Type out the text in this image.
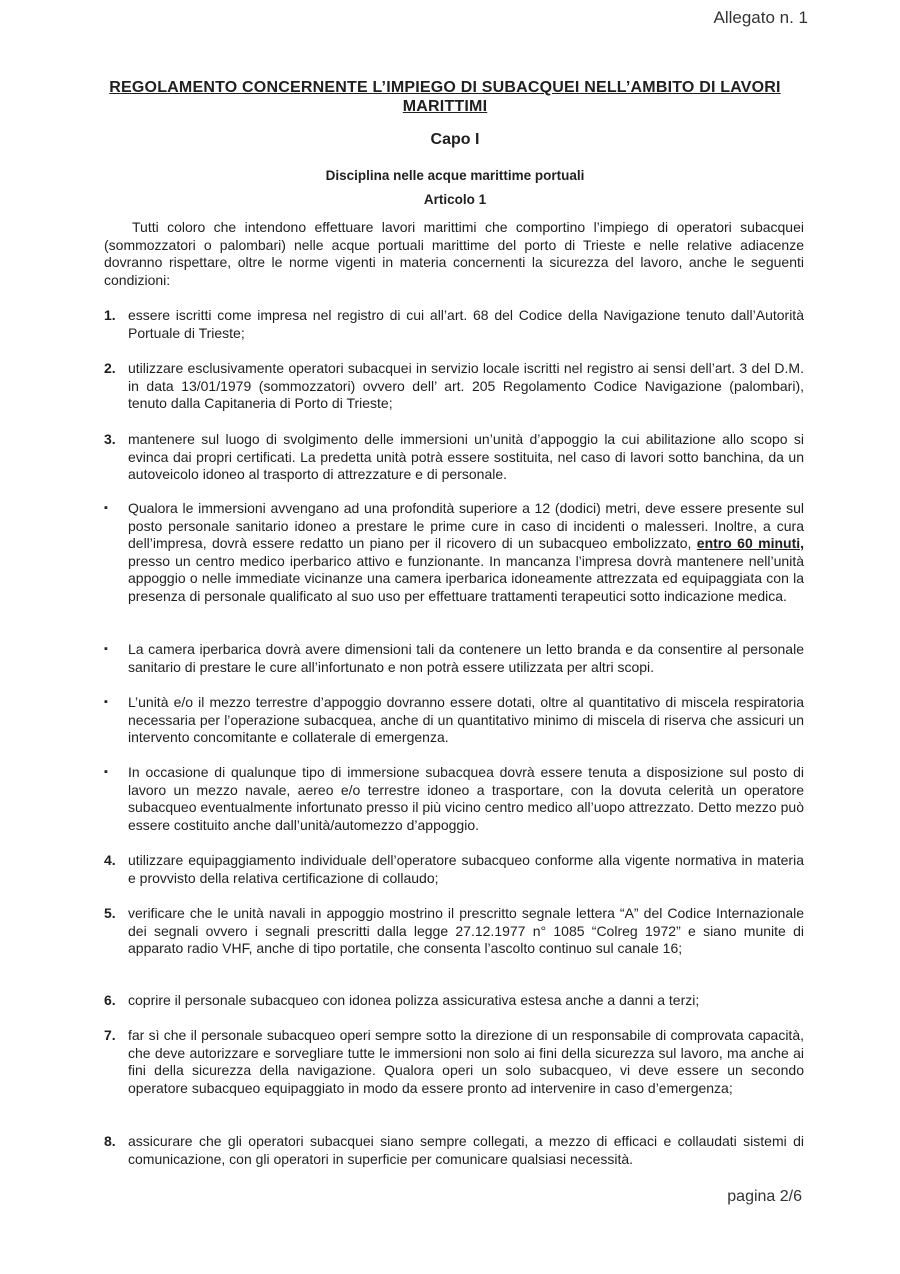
Allegato n. 1
REGOLAMENTO CONCERNENTE L’IMPIEGO DI SUBACQUEI NELL’AMBITO DI LAVORI MARITTIMI
Capo I
Disciplina nelle acque marittime portuali
Articolo 1

Tutti coloro che intendono effettuare lavori marittimi che comportino l’impiego di operatori subacquei (sommozzatori o palombari) nelle acque portuali marittime del porto di Trieste e nelle relative adiacenze dovranno rispettare, oltre le norme vigenti in materia concernenti la sicurezza del lavoro, anche le seguenti condizioni:

1. essere iscritti come impresa nel registro di cui all’art. 68 del Codice della Navigazione tenuto dall’Autorità Portuale di Trieste;
2. utilizzare esclusivamente operatori subacquei in servizio locale iscritti nel registro ai sensi dell’art. 3 del D.M. in data 13/01/1979 (sommozzatori) ovvero dell’ art. 205 Regolamento Codice Navigazione (palombari), tenuto dalla Capitaneria di Porto di Trieste;
3. mantenere sul luogo di svolgimento delle immersioni un’unità d’appoggio la cui abilitazione allo scopo si evinca dai propri certificati. La predetta unità potrà essere sostituita, nel caso di lavori sotto banchina, da un autoveicolo idoneo al trasporto di attrezzature e di personale.
▪	Qualora le immersioni avvengano ad una profondità superiore a 12 (dodici) metri, deve essere presente sul posto personale sanitario idoneo a prestare le prime cure in caso di incidenti o malesseri. Inoltre, a cura dell’impresa, dovrà essere redatto un piano per il ricovero di un subacqueo embolizzato, entro 60 minuti, presso un centro medico iperbarico attivo e funzionante. In mancanza l’impresa dovrà mantenere nell’unità appoggio o nelle immediate vicinanze una camera iperbarica idoneamente attrezzata ed equipaggiata con la presenza di personale qualificato al suo uso per effettuare trattamenti terapeutici sotto indicazione medica.
▪	La camera iperbarica dovrà avere dimensioni tali da contenere un letto branda e da consentire al personale sanitario di prestare le cure all’infortunato e non potrà essere utilizzata per altri scopi.
▪	L’unità e/o il mezzo terrestre d’appoggio dovranno essere dotati, oltre al quantitativo di miscela respiratoria necessaria per l’operazione subacquea, anche di un quantitativo minimo di miscela di riserva che assicuri un intervento concomitante e collaterale di emergenza.
▪	In occasione di qualunque tipo di immersione subacquea dovrà essere tenuta a disposizione sul posto di lavoro un mezzo navale, aereo e/o terrestre idoneo a trasportare, con la dovuta celerità un operatore subacqueo eventualmente infortunato presso il più vicino centro medico all’uopo attrezzato. Detto mezzo può essere costituito anche dall’unità/automezzo d’appoggio.
4. utilizzare equipaggiamento individuale dell’operatore subacqueo conforme alla vigente normativa in materia e provvisto della relativa certificazione di collaudo;
5. verificare che le unità navali in appoggio mostrino il prescritto segnale lettera “A” del Codice Internazionale dei segnali ovvero i segnali prescritti dalla legge 27.12.1977 n° 1085 “Colreg 1972” e siano munite di apparato radio VHF, anche di tipo portatile, che consenta l’ascolto continuo sul canale 16;
6. coprire il personale subacqueo con idonea polizza assicurativa estesa anche a danni a terzi;
7. far sì che il personale subacqueo operi sempre sotto la direzione di un responsabile di comprovata capacità, che deve autorizzare e sorvegliare tutte le immersioni non solo ai fini della sicurezza sul lavoro, ma anche ai fini della sicurezza della navigazione. Qualora operi un solo subacqueo, vi deve essere un secondo operatore subacqueo equipaggiato in modo da essere pronto ad intervenire in caso d’emergenza;
8. assicurare che gli operatori subacquei siano sempre collegati, a mezzo di efficaci e collaudati sistemi di comunicazione, con gli operatori in superficie per comunicare qualsiasi necessità.
pagina 2/6
